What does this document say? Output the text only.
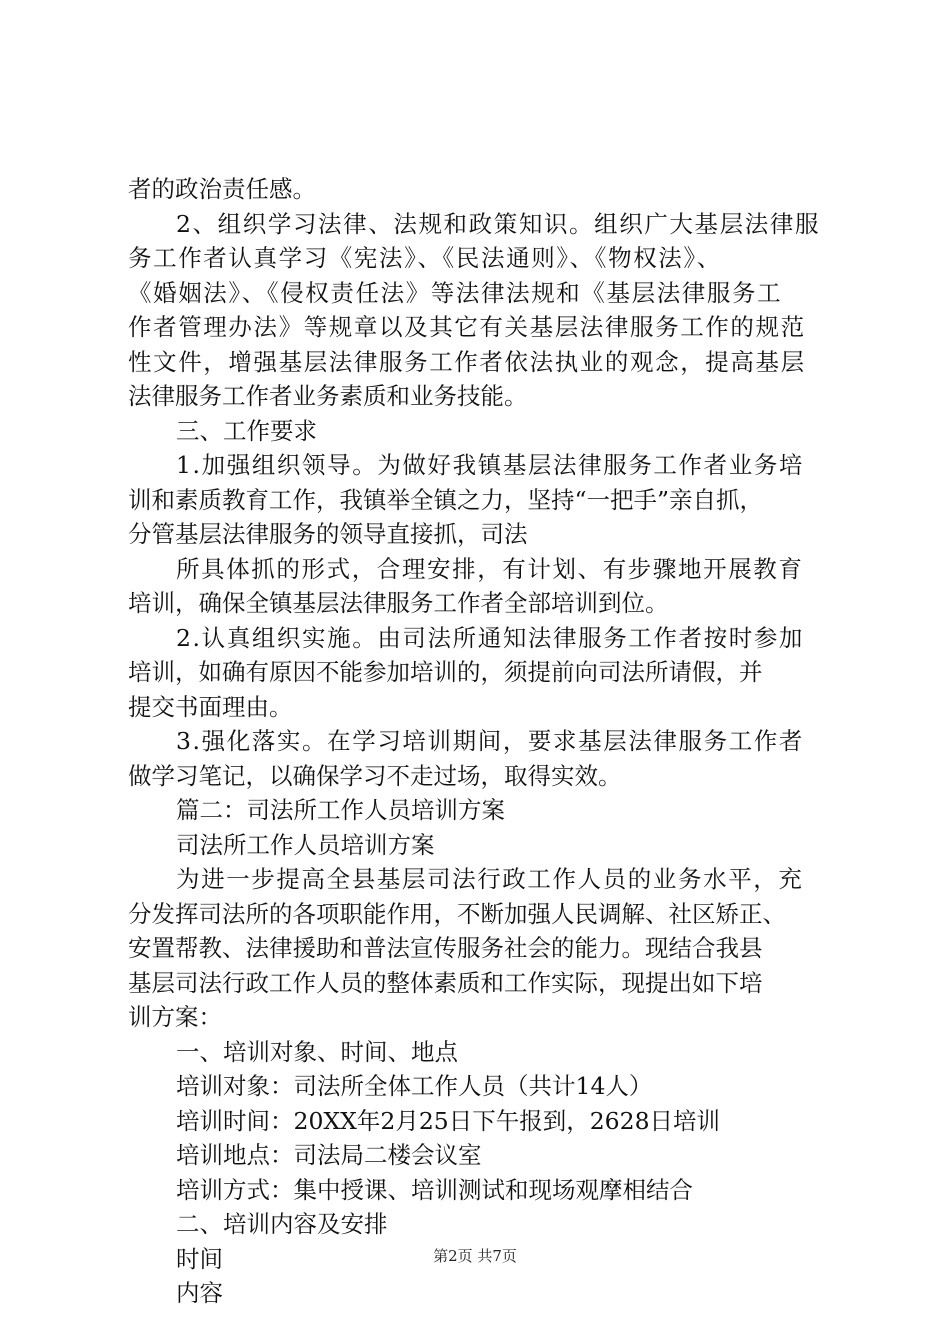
者的政治责任感。
2、组织学习法律、法规和政策知识。组织广大基层法律服
务工作者认真学习《宪法》、《民法通则》、《物权法》、
《婚姻法》、《侵权责任法》等法律法规和《基层法律服务工
作者管理办法》等规章以及其它有关基层法律服务工作的规范
性文件，增强基层法律服务工作者依法执业的观念，提高基层
法律服务工作者业务素质和业务技能。
三、工作要求
1.加强组织领导。为做好我镇基层法律服务工作者业务培
训和素质教育工作，我镇举全镇之力，坚持“一把手”亲自抓，
分管基层法律服务的领导直接抓，司法
所具体抓的形式，合理安排，有计划、有步骤地开展教育
培训，确保全镇基层法律服务工作者全部培训到位。
2.认真组织实施。由司法所通知法律服务工作者按时参加
培训，如确有原因不能参加培训的，须提前向司法所请假，并
提交书面理由。
3.强化落实。在学习培训期间，要求基层法律服务工作者
做学习笔记，以确保学习不走过场，取得实效。
篇二：司法所工作人员培训方案
司法所工作人员培训方案
为进一步提高全县基层司法行政工作人员的业务水平，充
分发挥司法所的各项职能作用，不断加强人民调解、社区矫正、
安置帮教、法律援助和普法宣传服务社会的能力。现结合我县
基层司法行政工作人员的整体素质和工作实际，现提出如下培
训方案：
一、培训对象、时间、地点
培训对象：司法所全体工作人员（共计14人）
培训时间：20XX年2月25日下午报到，2628日培训
培训地点：司法局二楼会议室
培训方式：集中授课、培训测试和现场观摩相结合
二、培训内容及安排
时间
内容
第2页 共7页
